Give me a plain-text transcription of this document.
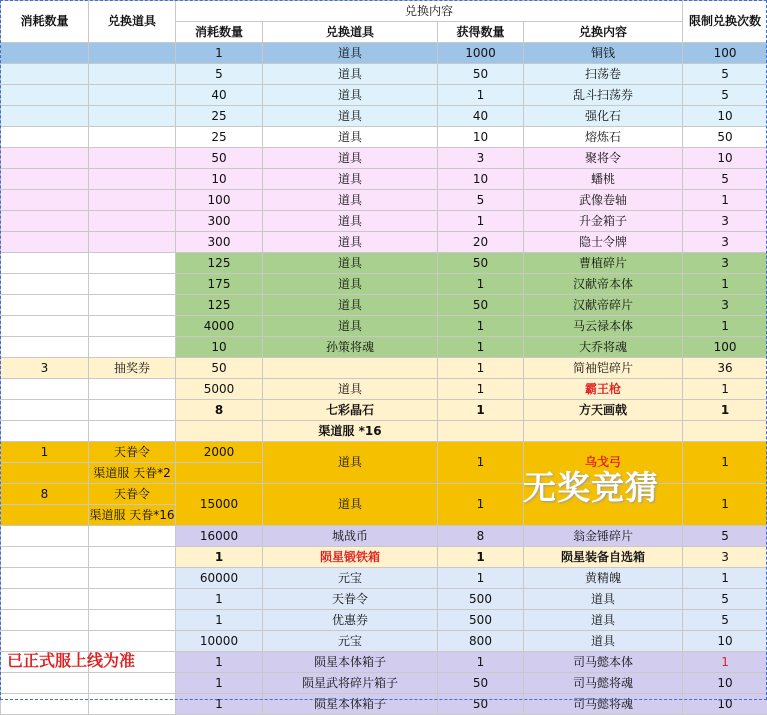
消耗数量	兑换道具	兑换内容				限制兑换次数
		消耗数量	兑换道具	获得数量	兑换内容	
		1	道具	1000	铜钱	100
		5	道具	50	扫荡卷	5
		40	道具	1	乱斗扫荡券	5
		25	道具	40	强化石	10
		25	道具	10	熔炼石	50
		50	道具	3	聚将令	10
		10	道具	10	蟠桃	5
		100	道具	5	武像卷轴	1
		300	道具	1	升金箱子	3
		300	道具	20	隐士令牌	3
		125	道具	50	曹植碎片	3
		175	道具	1	汉献帝本体	1
		125	道具	50	汉献帝碎片	3
		4000	道具	1	马云禄本体	1
		10	孙策将魂	1	大乔将魂	100
3	抽奖券	50		1	简袖铠碎片	36
		5000	道具	1	霸王枪	1
		8	七彩晶石	1	方天画戟	1
			渠道服 *16			
1	天眷令	2000	道具	1	乌戈弓	1
	渠道服 天眷*2					
8	天眷令	15000	道具	1		1
	渠道服 天眷*16					
		16000	城战币	8	翁金锤碎片	5
		1	陨星锻铁箱	1	陨星装备自选箱	3
		60000	元宝	1	黄精魄	1
		1	天眷令	500	道具	5
		1	优惠券	500	道具	5
		10000	元宝	800	道具	10
		1	陨星本体箱子	1	司马懿本体	1
		1	陨星武将碎片箱子	50	司马懿将魂	10
		1	陨星本体箱子	50	司马懿将魂	10
无奖竞猜
已正式服上线为准
